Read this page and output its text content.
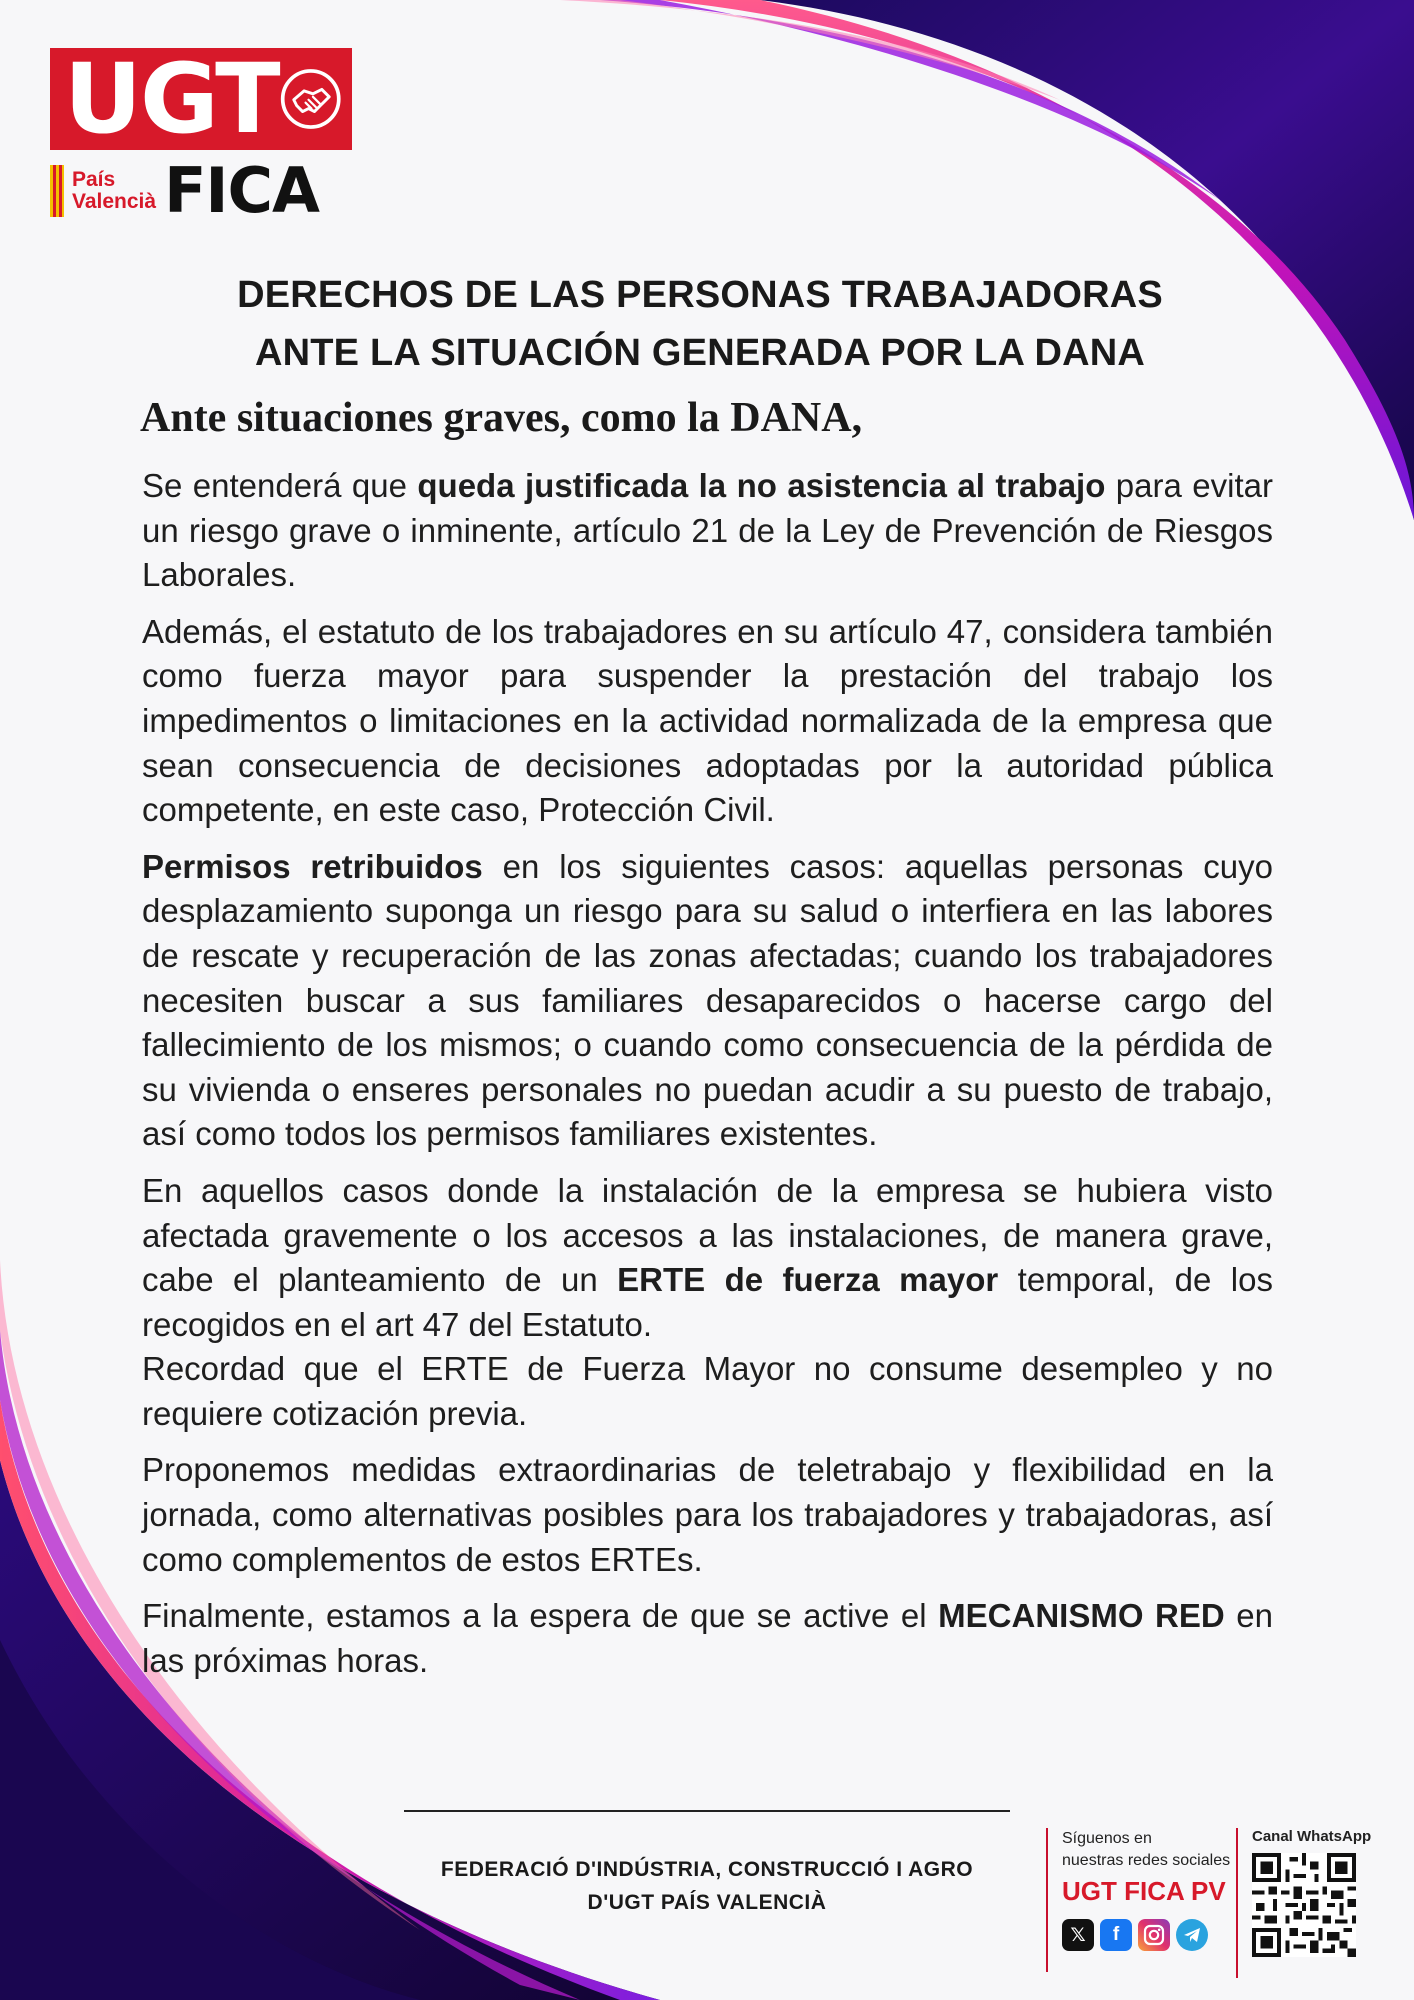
UGT
País
Valencià FICA
DERECHOS DE LAS PERSONAS TRABAJADORAS
ANTE LA SITUACIÓN GENERADA POR LA DANA
Ante situaciones graves, como la DANA,

Se entenderá que queda justificada la no asistencia al trabajo para evitar un riesgo grave o inminente, artículo 21 de la Ley de Prevención de Riesgos Laborales.

Además, el estatuto de los trabajadores en su artículo 47, considera también como fuerza mayor para suspender la prestación del trabajo los impedimentos o limitaciones en la actividad normalizada de la empresa que sean consecuencia de decisiones adoptadas por la autoridad pública competente, en este caso, Protección Civil.

Permisos retribuidos en los siguientes casos: aquellas personas cuyo desplazamiento suponga un riesgo para su salud o interfiera en las labores de rescate y recuperación de las zonas afectadas; cuando los trabajadores necesiten buscar a sus familiares desaparecidos o hacerse cargo del fallecimiento de los mismos; o cuando como consecuencia de la pérdida de su vivienda o enseres personales no puedan acudir a su puesto de trabajo, así como todos los permisos familiares existentes.

En aquellos casos donde la instalación de la empresa se hubiera visto afectada gravemente o los accesos a las instalaciones, de manera grave, cabe el planteamiento de un ERTE de fuerza mayor temporal, de los recogidos en el art 47 del Estatuto.

Recordad que el ERTE de Fuerza Mayor no consume desempleo y no requiere cotización previa.

Proponemos medidas extraordinarias de teletrabajo y flexibilidad en la jornada, como alternativas posibles para los trabajadores y trabajadoras, así como complementos de estos ERTEs.

Finalmente, estamos a la espera de que se active el MECANISMO RED en las próximas horas.

FEDERACIÓ D'INDÚSTRIA, CONSTRUCCIÓ I AGRO
D'UGT PAÍS VALENCIÀ
Síguenos en
nuestras redes sociales
UGT FICA PV
𝕏	f
Canal WhatsApp
